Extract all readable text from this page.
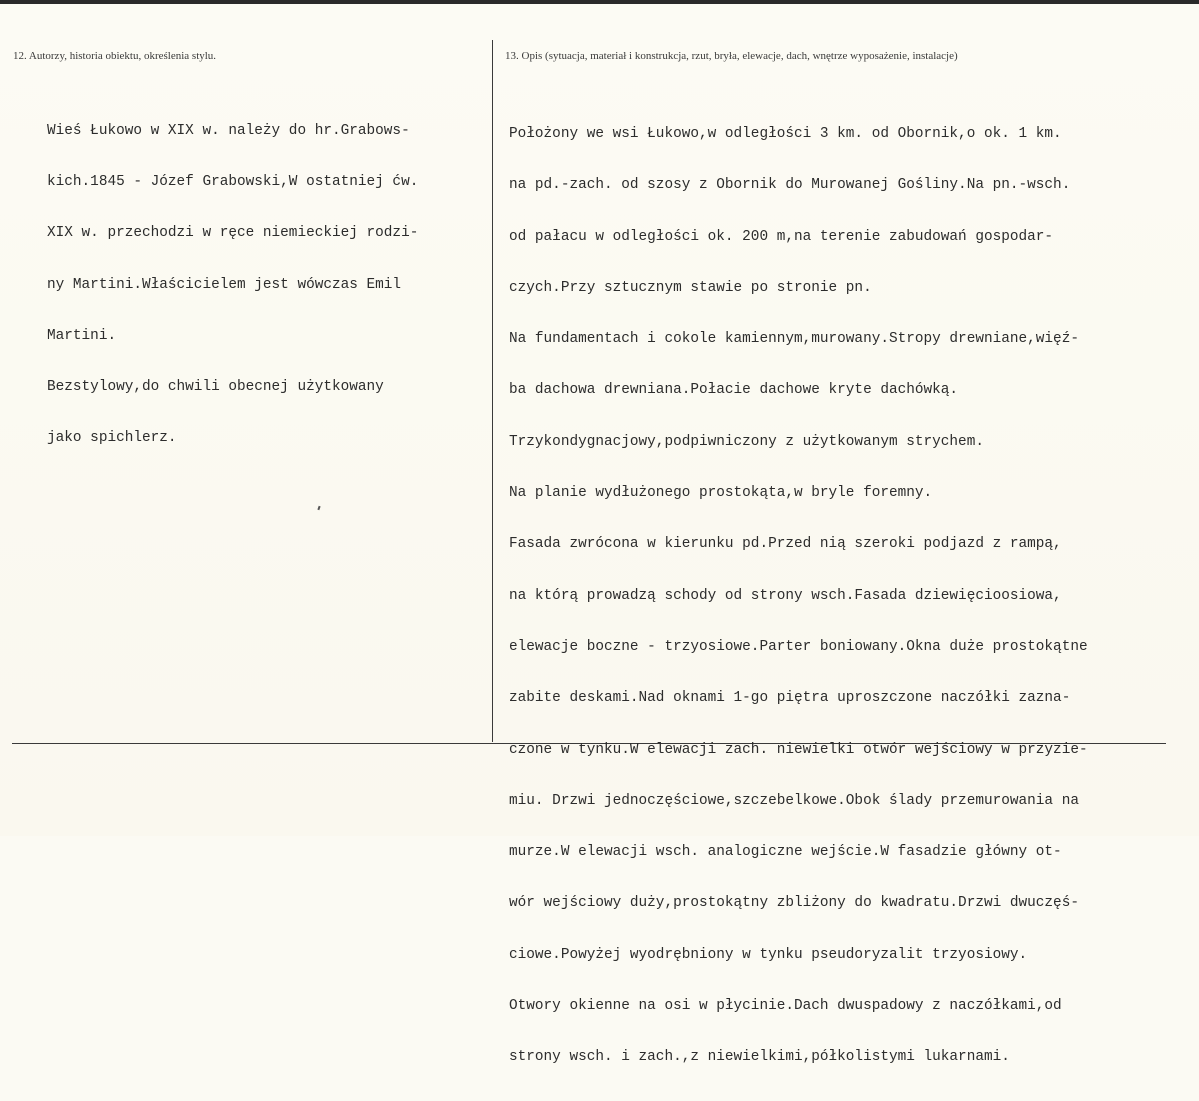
12. Autorzy, historia obiektu, określenia stylu.	13. Opis (sytuacja, materiał i konstrukcja, rzut, bryła, elewacje, dach, wnętrze wyposażenie, instalacje)

Wieś Łukowo w XIX w. należy do hr.Grabows-

kich.1845 - Józef Grabowski,W ostatniej ćw.

XIX w. przechodzi w ręce niemieckiej rodzi-

ny Martini.Właścicielem jest wówczas Emil

Martini.

Bezstylowy,do chwili obecnej użytkowany

jako spichlerz.

Położony we wsi Łukowo,w odległości 3 km. od Obornik,o ok. 1 km.

na pd.-zach. od szosy z Obornik do Murowanej Gośliny.Na pn.-wsch.

od pałacu w odległości ok. 200 m,na terenie zabudowań gospodar-

czych.Przy sztucznym stawie po stronie pn.

Na fundamentach i cokole kamiennym,murowany.Stropy drewniane,więź-

ba dachowa drewniana.Połacie dachowe kryte dachówką.

Trzykondygnacjowy,podpiwniczony z użytkowanym strychem.

Na planie wydłużonego prostokąta,w bryle foremny.

Fasada zwrócona w kierunku pd.Przed nią szeroki podjazd z rampą,

na którą prowadzą schody od strony wsch.Fasada dziewięcioosiowa,

elewacje boczne - trzyosiowe.Parter boniowany.Okna duże prostokątne

zabite deskami.Nad oknami 1-go piętra uproszczone naczółki zazna-

czone w tynku.W elewacji zach. niewielki otwór wejściowy w przyzie-

miu. Drzwi jednoczęściowe,szczebelkowe.Obok ślady przemurowania na

murze.W elewacji wsch. analogiczne wejście.W fasadzie główny ot-

wór wejściowy duży,prostokątny zbliżony do kwadratu.Drzwi dwuczęś-

ciowe.Powyżej wyodrębniony w tynku pseudoryzalit trzyosiowy.

Otwory okienne na osi w płycinie.Dach dwuspadowy z naczółkami,od

strony wsch. i zach.,z niewielkimi,półkolistymi lukarnami.
